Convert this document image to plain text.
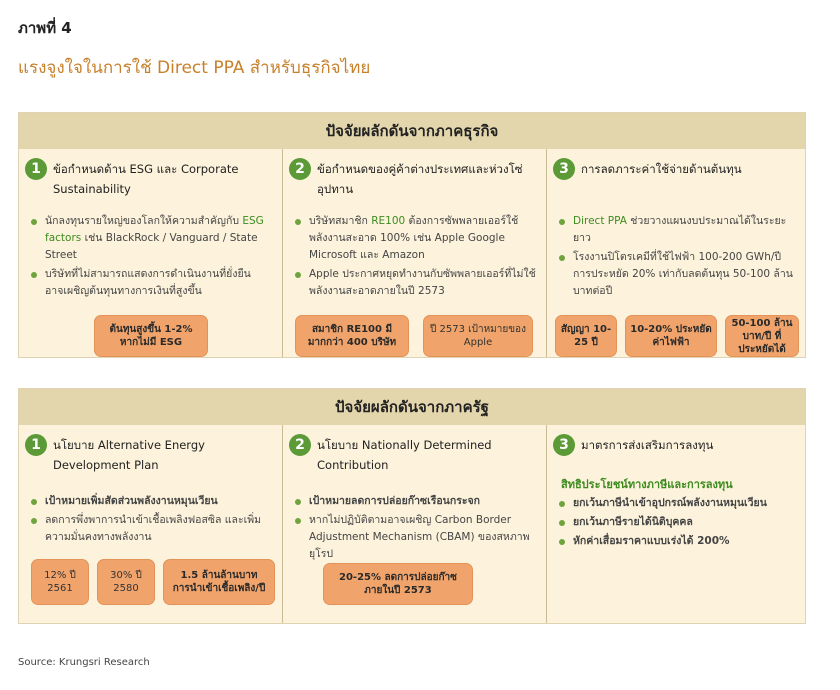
ภาพที่ 4
แรงจูงใจในการใช้ Direct PPA สำหรับธุรกิจไทย
ปัจจัยผลักดันจากภาคธุรกิจ
1	ข้อกำหนดด้าน ESG และ Corporate Sustainability
นักลงทุนรายใหญ่ของโลกให้ความสำคัญกับ ESG factors เช่น BlackRock / Vanguard / State Street
บริษัทที่ไม่สามารถแสดงการดำเนินงานที่ยั่งยืน อาจเผชิญต้นทุนทางการเงินที่สูงขึ้น
ต้นทุนสูงขึ้น 1-2% หากไม่มี ESG
2	ข้อกำหนดของคู่ค้าต่างประเทศและห่วงโซ่อุปทาน
บริษัทสมาชิก RE100 ต้องการซัพพลายเออร์ใช้พลังงานสะอาด 100% เช่น Apple Google Microsoft และ Amazon
Apple ประกาศหยุดทำงานกับซัพพลายเออร์ที่ไม่ใช้พลังงานสะอาดภายในปี 2573
สมาชิก RE100 มีมากกว่า 400 บริษัท
ปี 2573 เป้าหมายของ Apple
3	การลดภาระค่าใช้จ่ายด้านต้นทุน
Direct PPA ช่วยวางแผนงบประมาณได้ในระยะยาว
โรงงานปิโตรเคมีที่ใช้ไฟฟ้า 100-200 GWh/ปี การประหยัด 20% เท่ากับลดต้นทุน 50-100 ล้านบาทต่อปี
สัญญา 10-25 ปี
10-20% ประหยัดค่าไฟฟ้า
50-100 ล้านบาท/ปี ที่ประหยัดได้
ปัจจัยผลักดันจากภาครัฐ
1	นโยบาย Alternative Energy Development Plan
เป้าหมายเพิ่มสัดส่วนพลังงานหมุนเวียน
ลดการพึ่งพาการนำเข้าเชื้อเพลิงฟอสซิล และเพิ่มความมั่นคงทางพลังงาน
12% ปี 2561
30% ปี 2580
1.5 ล้านล้านบาท การนำเข้าเชื้อเพลิง/ปี
2	นโยบาย Nationally Determined Contribution
เป้าหมายลดการปล่อยก๊าซเรือนกระจก
หากไม่ปฏิบัติตามอาจเผชิญ Carbon Border Adjustment Mechanism (CBAM) ของสหภาพยุโรป
20-25% ลดการปล่อยก๊าซภายในปี 2573
3	มาตรการส่งเสริมการลงทุน
สิทธิประโยชน์ทางภาษีและการลงทุน
ยกเว้นภาษีนำเข้าอุปกรณ์พลังงานหมุนเวียน
ยกเว้นภาษีรายได้นิติบุคคล
หักค่าเสื่อมราคาแบบเร่งได้ 200%
Source: Krungsri Research
